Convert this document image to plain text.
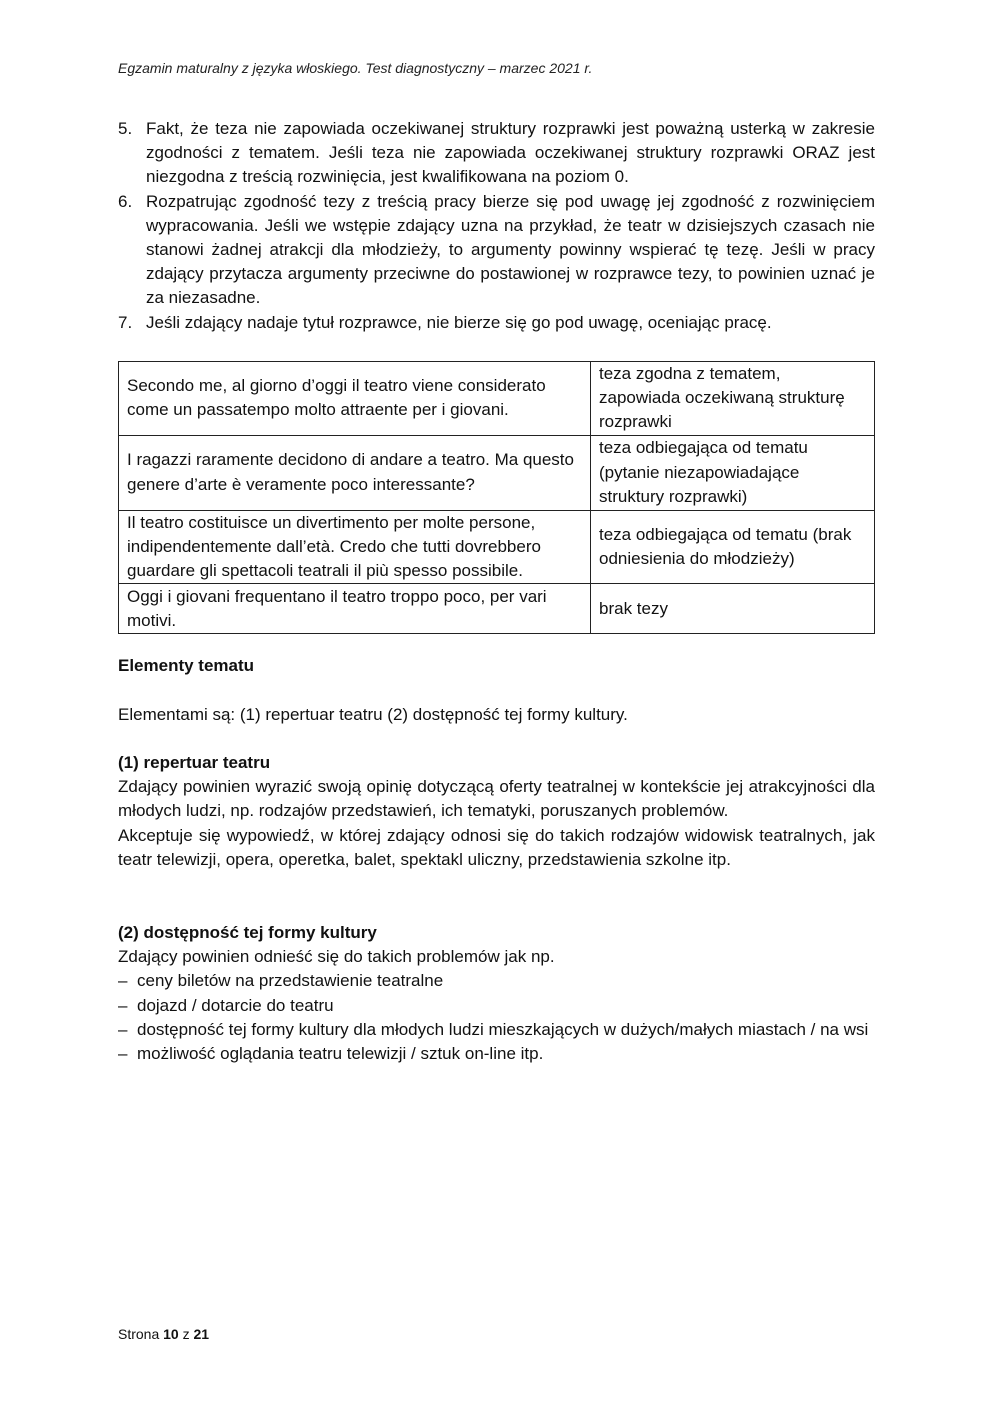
Egzamin maturalny z języka włoskiego. Test diagnostyczny – marzec 2021 r.
5. Fakt, że teza nie zapowiada oczekiwanej struktury rozprawki jest poważną usterką w zakresie zgodności z tematem. Jeśli teza nie zapowiada oczekiwanej struktury rozprawki ORAZ jest niezgodna z treścią rozwinięcia, jest kwalifikowana na poziom 0.
6. Rozpatrując zgodność tezy z treścią pracy bierze się pod uwagę jej zgodność z rozwinięciem wypracowania. Jeśli we wstępie zdający uzna na przykład, że teatr w dzisiejszych czasach nie stanowi żadnej atrakcji dla młodzieży, to argumenty powinny wspierać tę tezę. Jeśli w pracy zdający przytacza argumenty przeciwne do postawionej w rozprawce tezy, to powinien uznać je za niezasadne.
7. Jeśli zdający nadaje tytuł rozprawce, nie bierze się go pod uwagę, oceniając pracę.
Secondo me, al giorno d’oggi il teatro viene considerato come un passatempo molto attraente per i giovani.	teza zgodna z tematem, zapowiada oczekiwaną strukturę rozprawki
I ragazzi raramente decidono di andare a teatro. Ma questo genere d’arte è veramente poco interessante?	teza odbiegająca od tematu (pytanie niezapowiadające struktury rozprawki)
Il teatro costituisce un divertimento per molte persone, indipendentemente dall’età. Credo che tutti dovrebbero guardare gli spettacoli teatrali il più spesso possibile.	teza odbiegająca od tematu (brak odniesienia do młodzieży)
Oggi i giovani frequentano il teatro troppo poco, per vari motivi.	brak tezy

Elementy tematu

Elementami są: (1) repertuar teatru (2) dostępność tej formy kultury.

(1) repertuar teatru

Zdający powinien wyrazić swoją opinię dotyczącą oferty teatralnej w kontekście jej atrakcyjności dla młodych ludzi, np. rodzajów przedstawień, ich tematyki, poruszanych problemów.

Akceptuje się wypowiedź, w której zdający odnosi się do takich rodzajów widowisk teatralnych, jak teatr telewizji, opera, operetka, balet, spektakl uliczny, przedstawienia szkolne itp.

(2) dostępność tej formy kultury

Zdający powinien odnieść się do takich problemów jak np.

– ceny biletów na przedstawienie teatralne

– dojazd / dotarcie do teatru

– dostępność tej formy kultury dla młodych ludzi mieszkających w dużych/małych miastach / na wsi

– możliwość oglądania teatru telewizji / sztuk on-line itp.

Strona 10 z 21
